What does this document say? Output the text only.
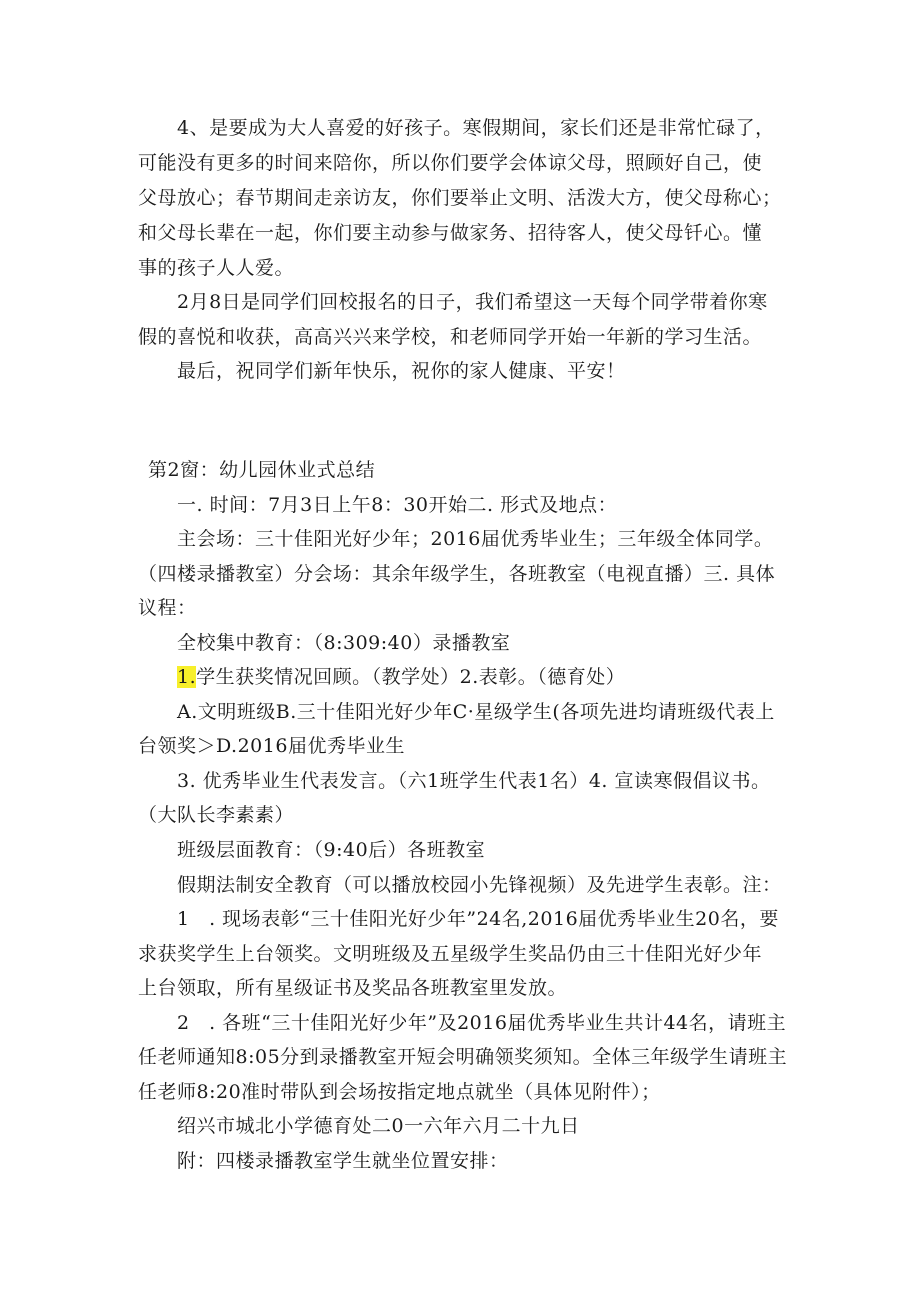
4、是要成为大人喜爱的好孩子。寒假期间，家长们还是非常忙碌了，
可能没有更多的时间来陪你，所以你们要学会体谅父母，照顾好自己，使
父母放心；春节期间走亲访友，你们要举止文明、活泼大方，使父母称心；
和父母长辈在一起，你们要主动参与做家务、招待客人，使父母钎心。懂
事的孩子人人爱。
2月8日是同学们回校报名的日子，我们希望这一天每个同学带着你寒
假的喜悦和收获，高高兴兴来学校，和老师同学开始一年新的学习生活。
最后，祝同学们新年快乐，祝你的家人健康、平安！
第2窗：幼儿园休业式总结
一. 时间：7月3日上午8：30开始二. 形式及地点：
主会场：三十佳阳光好少年；2016届优秀毕业生；三年级全体同学。
（四楼录播教室）分会场：其余年级学生，各班教室（电视直播）三. 具体
议程：
全校集中教育：（8:309:40）录播教室
1.学生获奖情况回顾。（教学处）2.表彰。（德育处）
A.文明班级B.三十佳阳光好少年C·星级学生(各项先进均请班级代表上
台领奖＞D.2016届优秀毕业生
3. 优秀毕业生代表发言。（六1班学生代表1名）4. 宣读寒假倡议书。
（大队长李素素）
班级层面教育：（9:40后）各班教室
假期法制安全教育（可以播放校园小先锋视频）及先进学生表彰。注：
1　. 现场表彰“三十佳阳光好少年”24名,2016届优秀毕业生20名，要
求获奖学生上台领奖。文明班级及五星级学生奖品仍由三十佳阳光好少年
上台领取，所有星级证书及奖品各班教室里发放。
2　. 各班“三十佳阳光好少年”及2016届优秀毕业生共计44名，请班主
任老师通知8:05分到录播教室开短会明确领奖须知。全体三年级学生请班主
任老师8:20准时带队到会场按指定地点就坐（具体见附件）；
绍兴市城北小学德育处二0一六年六月二十九日
附：四楼录播教室学生就坐位置安排：
